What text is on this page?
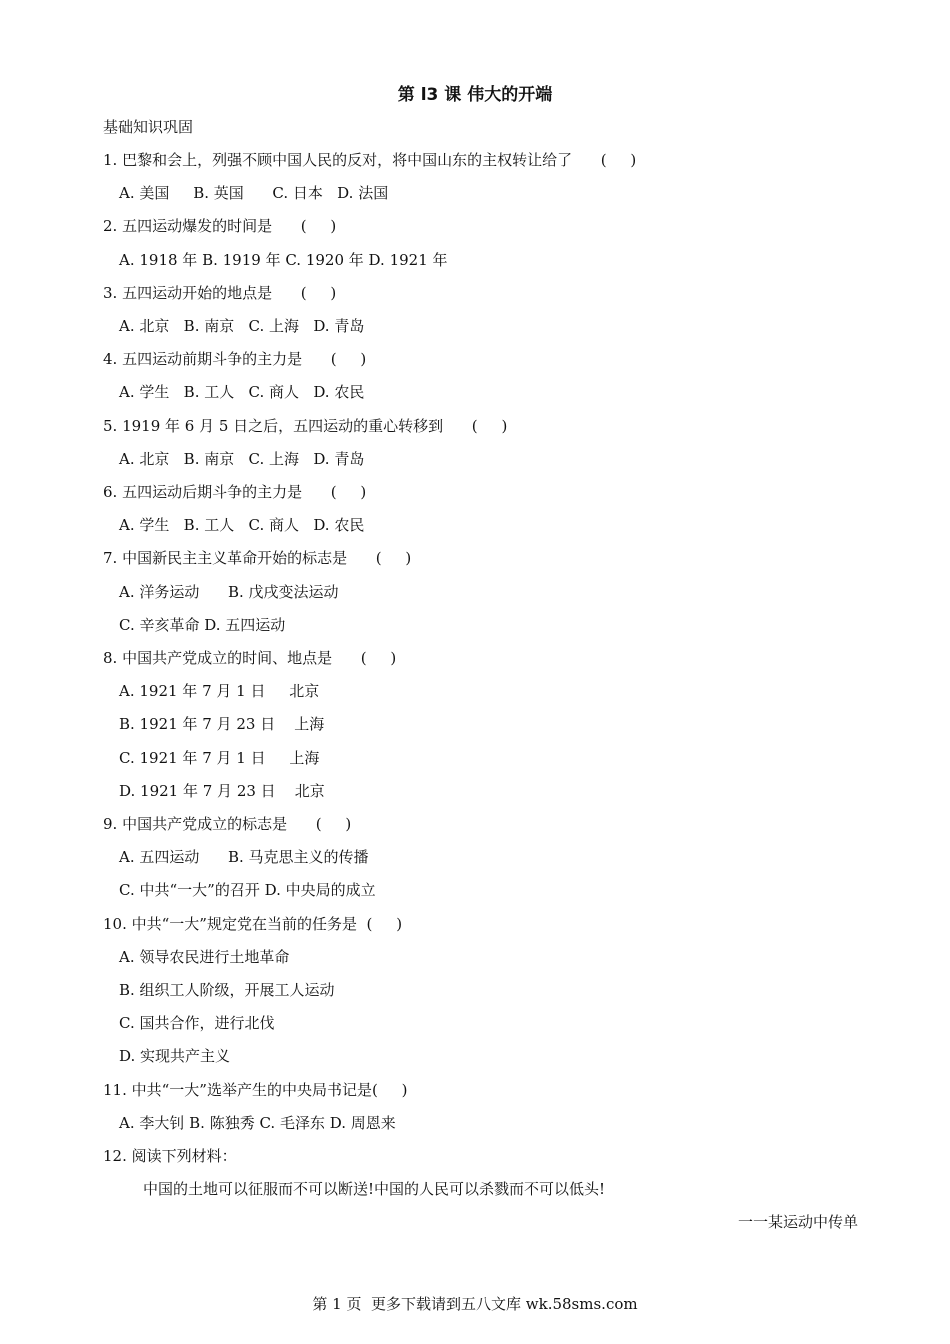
第 l3 课 伟大的开端
基础知识巩固
1. 巴黎和会上，列强不顾中国人民的反对，将中国山东的主权转让给了      (     )
A. 美国     B. 英国      C. 日本   D. 法国
2. 五四运动爆发的时间是      (     )
A. 1918 年 B. 1919 年 C. 1920 年 D. 1921 年
3. 五四运动开始的地点是      (     )
A. 北京   B. 南京   C. 上海   D. 青岛
4. 五四运动前期斗争的主力是      (     )
A. 学生   B. 工人   C. 商人   D. 农民
5. 1919 年 6 月 5 日之后，五四运动的重心转移到      (     )
A. 北京   B. 南京   C. 上海   D. 青岛
6. 五四运动后期斗争的主力是      (     )
A. 学生   B. 工人   C. 商人   D. 农民
7. 中国新民主主义革命开始的标志是      (     )
A. 洋务运动      B. 戊戌变法运动
C. 辛亥革命 D. 五四运动
8. 中国共产党成立的时间、地点是      (     )
A. 1921 年 7 月 1 日     北京
B. 1921 年 7 月 23 日    上海
C. 1921 年 7 月 1 日     上海
D. 1921 年 7 月 23 日    北京
9. 中国共产党成立的标志是      (     )
A. 五四运动      B. 马克思主义的传播
C. 中共“一大”的召开 D. 中央局的成立
10. 中共“一大”规定党在当前的任务是  (     )
A. 领导农民进行土地革命
B. 组织工人阶级，开展工人运动
C. 国共合作，进行北伐
D. 实现共产主义
11. 中共“一大”选举产生的中央局书记是(     )
A. 李大钊 B. 陈独秀 C. 毛泽东 D. 周恩来
12. 阅读下列材料：
中国的土地可以征服而不可以断送!中国的人民可以杀戮而不可以低头!
一一某运动中传单
第 1 页  更多下载请到五八文库 wk.58sms.com
